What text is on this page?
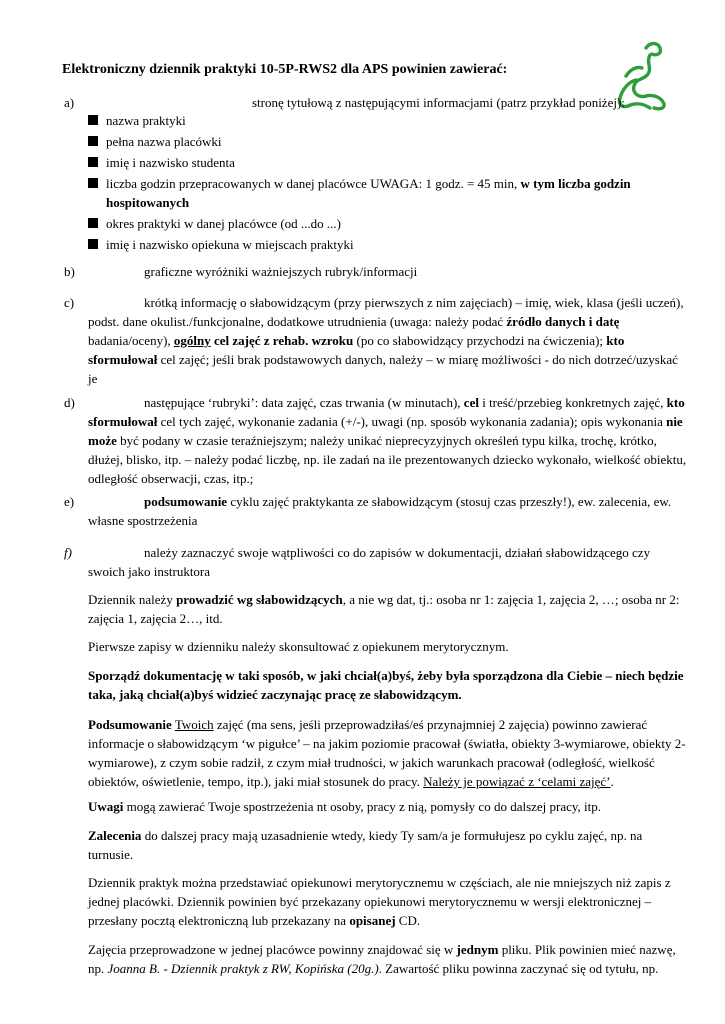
Elektroniczny dziennik praktyki 10-5P-RWS2 dla APS powinien zawierać:
a)	stronę tytułową z następującymi informacjami (patrz przykład poniżej):
nazwa praktyki
pełna nazwa placówki
imię i nazwisko studenta
liczba godzin przepracowanych w danej placówce UWAGA: 1 godz. = 45 min, w tym liczba godzin hospitowanych
okres praktyki w danej placówce (od ...do ...)
imię i nazwisko opiekuna w miejscach praktyki
b)	graficzne wyróżniki ważniejszych rubryk/informacji
c)	krótką informację o słabowidzącym (przy pierwszych z nim zajęciach) – imię, wiek, klasa (jeśli uczeń), podst. dane okulist./funkcjonalne, dodatkowe utrudnienia (uwaga: należy podać źródło danych i datę badania/oceny), ogólny cel zajęć z rehab. wzroku (po co słabowidzący przychodzi na ćwiczenia); kto sformułował cel zajęć; jeśli brak podstawowych danych, należy – w miarę możliwości - do nich dotrzeć/uzyskać je
d)	następujące ‘rubryki’: data zajęć, czas trwania (w minutach), cel i treść/przebieg konkretnych zajęć, kto sformułował cel tych zajęć, wykonanie zadania (+/-), uwagi (np. sposób wykonania zadania); opis wykonania nie może być podany w czasie teraźniejszym; należy unikać nieprecyzyjnych określeń typu kilka, trochę, krótko, dłużej, blisko, itp. – należy podać liczbę, np. ile zadań na ile prezentowanych dziecko wykonało, wielkość obiektu, odległość obserwacji, czas, itp.;
e)	podsumowanie cyklu zajęć praktykanta ze słabowidzącym (stosuj czas przeszły!), ew. zalecenia, ew. własne spostrzeżenia
f)	należy zaznaczyć swoje wątpliwości co do zapisów w dokumentacji, działań słabowidzącego czy swoich jako instruktora
Dziennik należy prowadzić wg słabowidzących, a nie wg dat, tj.: osoba nr 1: zajęcia 1, zajęcia 2, …; osoba nr 2: zajęcia 1, zajęcia 2…, itd.
Pierwsze zapisy w dzienniku należy skonsultować z opiekunem merytorycznym.
Sporządź dokumentację w taki sposób, w jaki chciał(a)byś, żeby była sporządzona dla Ciebie – niech będzie taka, jaką chciał(a)byś widzieć zaczynając pracę ze słabowidzącym.
Podsumowanie Twoich zajęć (ma sens, jeśli przeprowadziłaś/eś przynajmniej 2 zajęcia) powinno zawierać informacje o słabowidzącym ‘w pigułce’ – na jakim poziomie pracował (światła, obiekty 3-wymiarowe, obiekty 2-wymiarowe), z czym sobie radził, z czym miał trudności, w jakich warunkach pracował (odległość, wielkość obiektów, oświetlenie, tempo, itp.), jaki miał stosunek do pracy. Należy je powiązać z ‘celami zajęć’.
Uwagi mogą zawierać Twoje spostrzeżenia nt osoby, pracy z nią, pomysły co do dalszej pracy, itp.
Zalecenia do dalszej pracy mają uzasadnienie wtedy, kiedy Ty sam/a je formułujesz po cyklu zajęć, np. na turnusie.
Dziennik praktyk można przedstawiać opiekunowi merytorycznemu w częściach, ale nie mniejszych niż zapis z jednej placówki. Dziennik powinien być przekazany opiekunowi merytorycznemu w wersji elektronicznej – przesłany pocztą elektroniczną lub przekazany na opisanej CD.
Zajęcia przeprowadzone w jednej placówce powinny znajdować się w jednym pliku. Plik powinien mieć nazwę, np. Joanna B. - Dziennik praktyk z RW, Kopińska (20g.). Zawartość pliku powinna zaczynać się od tytułu, np.
